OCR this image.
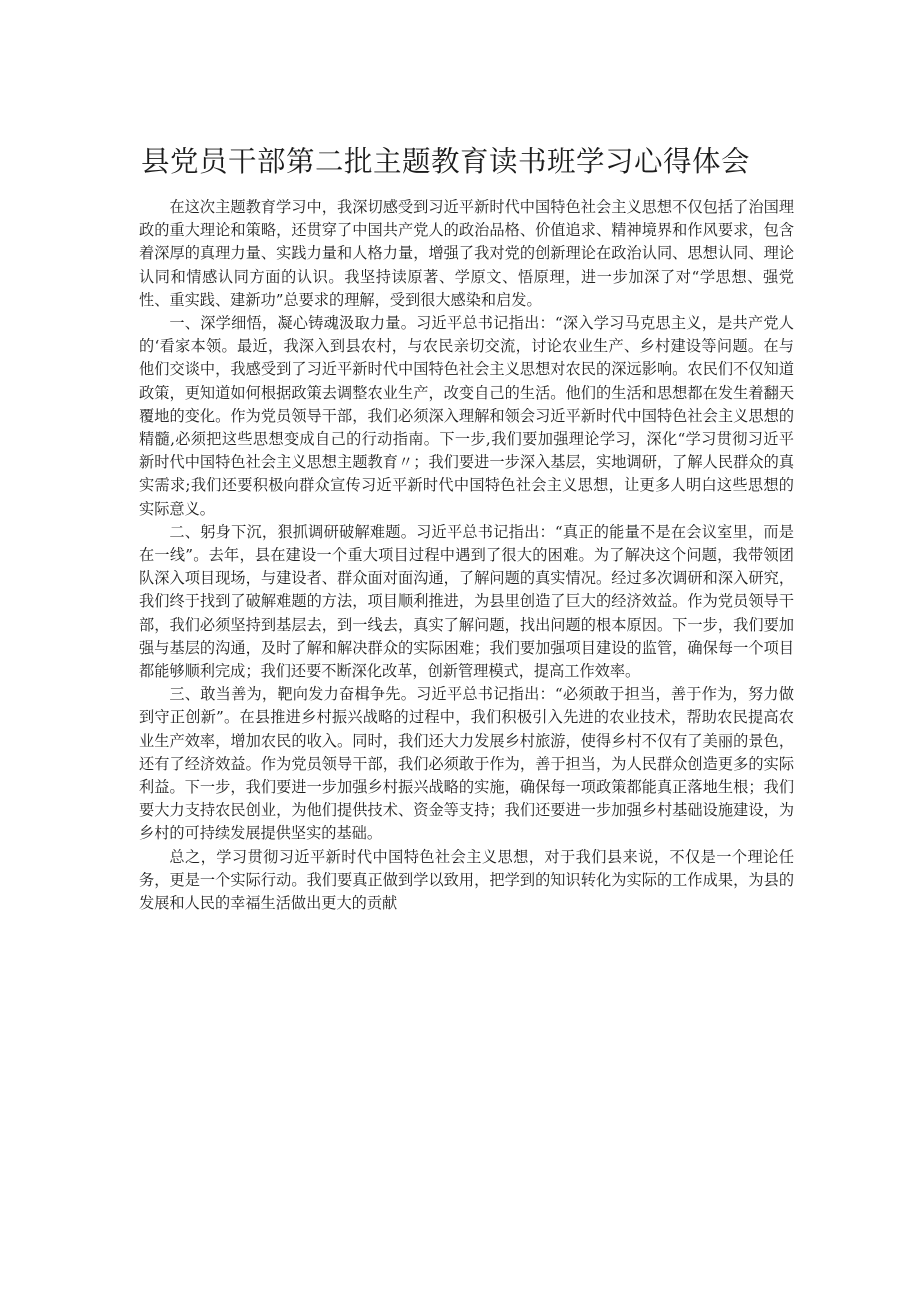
县党员干部第二批主题教育读书班学习心得体会

在这次主题教育学习中，我深切感受到习近平新时代中国特色社会主义思想不仅包括了治国理政的重大理论和策略，还贯穿了中国共产党人的政治品格、价值追求、精神境界和作风要求，包含着深厚的真理力量、实践力量和人格力量，增强了我对党的创新理论在政治认同、思想认同、理论认同和情感认同方面的认识。我坚持读原著、学原文、悟原理，进一步加深了对“学思想、强党性、重实践、建新功”总要求的理解，受到很大感染和启发。

一、深学细悟，凝心铸魂汲取力量。习近平总书记指出：“深入学习马克思主义，是共产党人的‘看家本领。最近，我深入到县农村，与农民亲切交流，讨论农业生产、乡村建设等问题。在与他们交谈中，我感受到了习近平新时代中国特色社会主义思想对农民的深远影响。农民们不仅知道政策，更知道如何根据政策去调整农业生产，改变自己的生活。他们的生活和思想都在发生着翻天覆地的变化。作为党员领导干部，我们必须深入理解和领会习近平新时代中国特色社会主义思想的精髓,必须把这些思想变成自己的行动指南。下一步,我们要加强理论学习，深化“学习贯彻习近平新时代中国特色社会主义思想主题教育〃；我们要进一步深入基层，实地调研，了解人民群众的真实需求;我们还要积极向群众宣传习近平新时代中国特色社会主义思想，让更多人明白这些思想的实际意义。

二、躬身下沉，狠抓调研破解难题。习近平总书记指出：“真正的能量不是在会议室里，而是在一线”。去年，县在建设一个重大项目过程中遇到了很大的困难。为了解决这个问题，我带领团队深入项目现场，与建设者、群众面对面沟通，了解问题的真实情况。经过多次调研和深入研究，我们终于找到了破解难题的方法，项目顺利推进，为县里创造了巨大的经济效益。作为党员领导干部，我们必须坚持到基层去，到一线去，真实了解问题，找出问题的根本原因。下一步，我们要加强与基层的沟通，及时了解和解决群众的实际困难；我们要加强项目建设的监管，确保每一个项目都能够顺利完成；我们还要不断深化改革，创新管理模式，提高工作效率。

三、敢当善为，靶向发力奋楫争先。习近平总书记指出：“必须敢于担当，善于作为，努力做到守正创新”。在县推进乡村振兴战略的过程中，我们积极引入先进的农业技术，帮助农民提高农业生产效率，增加农民的收入。同时，我们还大力发展乡村旅游，使得乡村不仅有了美丽的景色，还有了经济效益。作为党员领导干部，我们必须敢于作为，善于担当，为人民群众创造更多的实际利益。下一步，我们要进一步加强乡村振兴战略的实施，确保每一项政策都能真正落地生根；我们要大力支持农民创业，为他们提供技术、资金等支持；我们还要进一步加强乡村基础设施建设，为乡村的可持续发展提供坚实的基础。

总之，学习贯彻习近平新时代中国特色社会主义思想，对于我们县来说，不仅是一个理论任务，更是一个实际行动。我们要真正做到学以致用，把学到的知识转化为实际的工作成果，为县的发展和人民的幸福生活做出更大的贡献
